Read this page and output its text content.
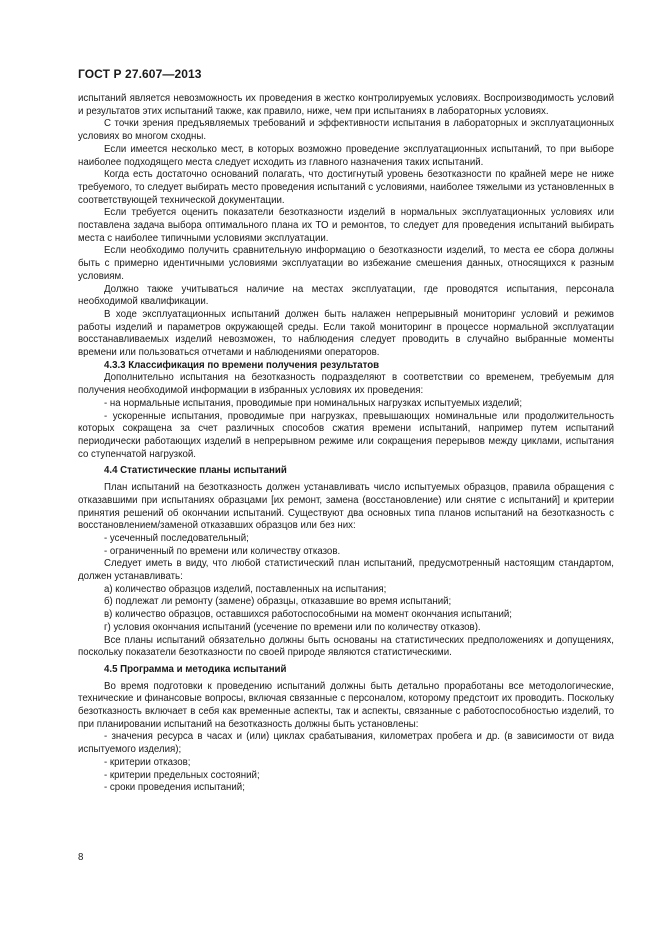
ГОСТ Р 27.607—2013

испытаний является невозможность их проведения в жестко контролируемых условиях. Воспроизводимость условий и результатов этих испытаний также, как правило, ниже, чем при испытаниях в лабораторных условиях.

С точки зрения предъявляемых требований и эффективности испытания в лабораторных и эксплуатационных условиях во многом сходны.

Если имеется несколько мест, в которых возможно проведение эксплуатационных испытаний, то при выборе наиболее подходящего места следует исходить из главного назначения таких испытаний.

Когда есть достаточно оснований полагать, что достигнутый уровень безотказности по крайней мере не ниже требуемого, то следует выбирать место проведения испытаний с условиями, наиболее тяжелыми из установленных в соответствующей технической документации.

Если требуется оценить показатели безотказности изделий в нормальных эксплуатационных условиях или поставлена задача выбора оптимального плана их ТО и ремонтов, то следует для проведения испытаний выбирать места с наиболее типичными условиями эксплуатации.

Если необходимо получить сравнительную информацию о безотказности изделий, то места ее сбора должны быть с примерно идентичными условиями эксплуатации во избежание смешения данных, относящихся к разным условиям.

Должно также учитываться наличие на местах эксплуатации, где проводятся испытания, персонала необходимой квалификации.

В ходе эксплуатационных испытаний должен быть налажен непрерывный мониторинг условий и режимов работы изделий и параметров окружающей среды. Если такой мониторинг в процессе нормальной эксплуатации восстанавливаемых изделий невозможен, то наблюдения следует проводить в случайно выбранные моменты времени или пользоваться отчетами и наблюдениями операторов.

4.3.3 Классификация по времени получения результатов

Дополнительно испытания на безотказность подразделяют в соответствии со временем, требуемым для получения необходимой информации в избранных условиях их проведения:

- на нормальные испытания, проводимые при номинальных нагрузках испытуемых изделий;

- ускоренные испытания, проводимые при нагрузках, превышающих номинальные или продолжительность которых сокращена за счет различных способов сжатия времени испытаний, например путем испытаний периодически работающих изделий в непрерывном режиме или сокращения перерывов между циклами, испытания со ступенчатой нагрузкой.

4.4 Статистические планы испытаний

План испытаний на безотказность должен устанавливать число испытуемых образцов, правила обращения с отказавшими при испытаниях образцами [их ремонт, замена (восстановление) или снятие с испытаний] и критерии принятия решений об окончании испытаний. Существуют два основных типа планов испытаний на безотказность с восстановлением/заменой отказавших образцов или без них:

- усеченный последовательный;

- ограниченный по времени или количеству отказов.

Следует иметь в виду, что любой статистический план испытаний, предусмотренный настоящим стандартом, должен устанавливать:

а) количество образцов изделий, поставленных на испытания;

б) подлежат ли ремонту (замене) образцы, отказавшие во время испытаний;

в) количество образцов, оставшихся работоспособными на момент окончания испытаний;

г) условия окончания испытаний (усечение по времени или по количеству отказов).

Все планы испытаний обязательно должны быть основаны на статистических предположениях и допущениях, поскольку показатели безотказности по своей природе являются статистическими.

4.5 Программа и методика испытаний

Во время подготовки к проведению испытаний должны быть детально проработаны все методологические, технические и финансовые вопросы, включая связанные с персоналом, которому предстоит их проводить. Поскольку безотказность включает в себя как временные аспекты, так и аспекты, связанные с работоспособностью изделий, то при планировании испытаний на безотказность должны быть установлены:

- значения ресурса в часах и (или) циклах срабатывания, километрах пробега и др. (в зависимости от вида испытуемого изделия);

- критерии отказов;

- критерии предельных состояний;

- сроки проведения испытаний;

8
